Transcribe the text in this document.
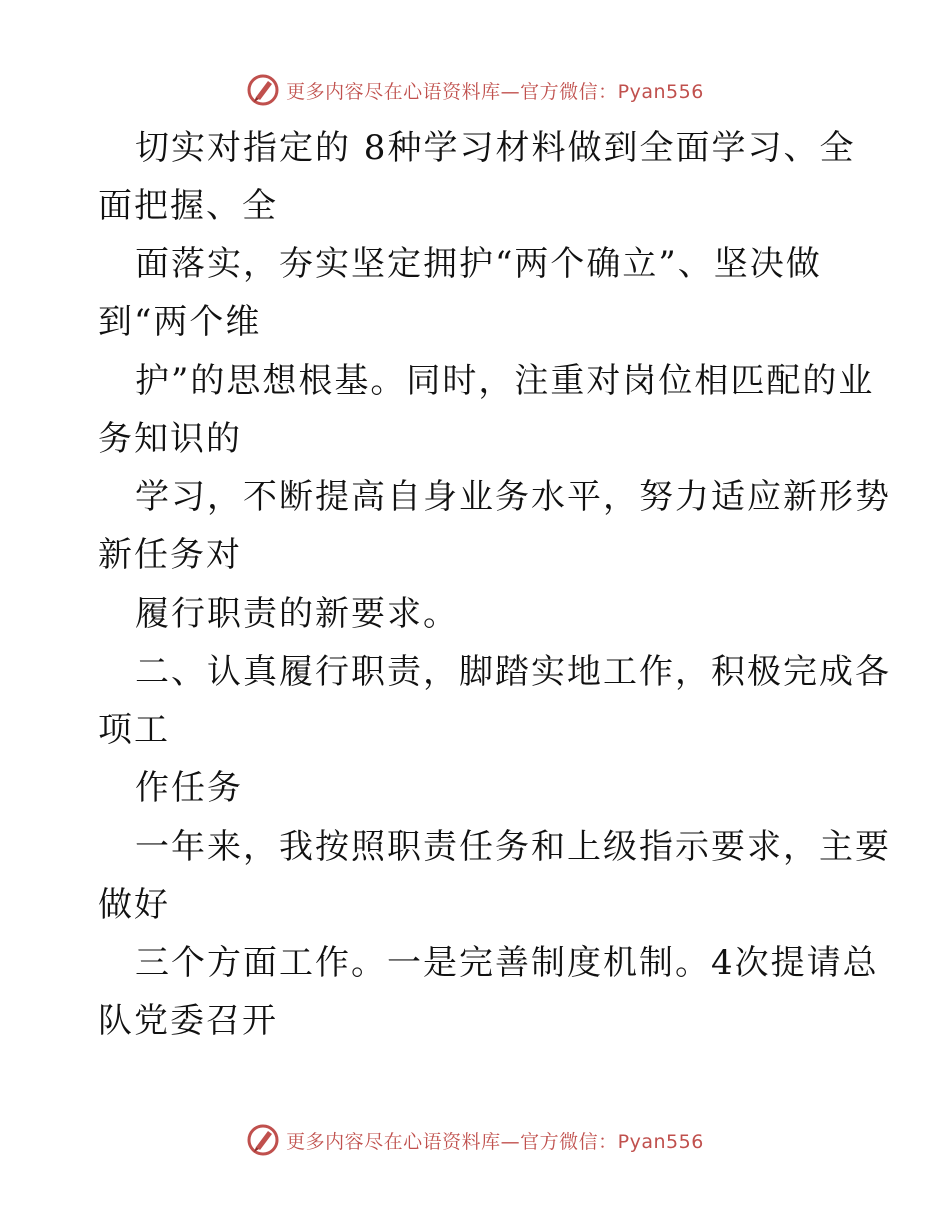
更多内容尽在心语资料库—官方微信：Pyan556
切实对指定的 8种学习材料做到全面学习、全
面把握、全
面落实，夯实坚定拥护“两个确立”、坚决做
到“两个维
护”的思想根基。同时，注重对岗位相匹配的业
务知识的
学习，不断提高自身业务水平，努力适应新形势
新任务对
履行职责的新要求。
二、认真履行职责，脚踏实地工作，积极完成各
项工
作任务
一年来，我按照职责任务和上级指示要求，主要
做好
三个方面工作。一是完善制度机制。4次提请总
队党委召开
更多内容尽在心语资料库—官方微信：Pyan556
